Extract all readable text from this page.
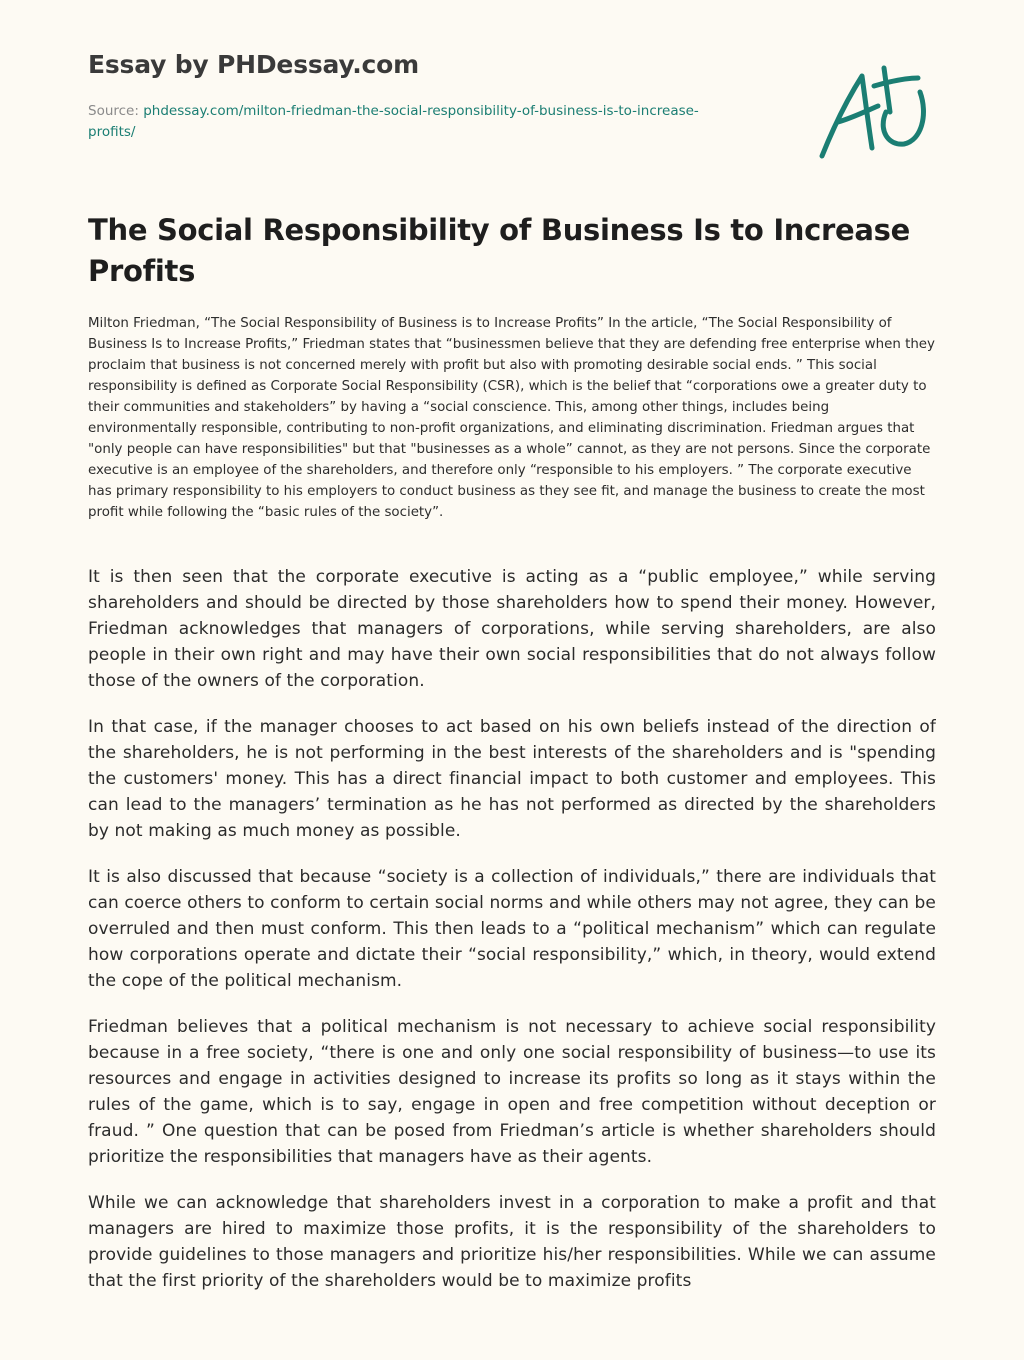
Essay by PHDessay.com
Source: phdessay.com/milton-friedman-the-social-responsibility-of-business-is-to-increase-profits/
The Social Responsibility of Business Is to Increase Profits

Milton Friedman, “The Social Responsibility of Business is to Increase Profits” In the article, “The Social Responsibility of Business Is to Increase Profits,” Friedman states that “businessmen believe that they are defending free enterprise when they proclaim that business is not concerned merely with profit but also with promoting desirable social ends. ” This social responsibility is defined as Corporate Social Responsibility (CSR), which is the belief that “corporations owe a greater duty to their communities and stakeholders” by having a “social conscience. This, among other things, includes being environmentally responsible, contributing to non-profit organizations, and eliminating discrimination. Friedman argues that "only people can have responsibilities" but that "businesses as a whole” cannot, as they are not persons. Since the corporate executive is an employee of the shareholders, and therefore only “responsible to his employers. ” The corporate executive has primary responsibility to his employers to conduct business as they see fit, and manage the business to create the most profit while following the “basic rules of the society”.

It is then seen that the corporate executive is acting as a “public employee,” while serving shareholders and should be directed by those shareholders how to spend their money. However, Friedman acknowledges that managers of corporations, while serving shareholders, are also people in their own right and may have their own social responsibilities that do not always follow those of the owners of the corporation.

In that case, if the manager chooses to act based on his own beliefs instead of the direction of the shareholders, he is not performing in the best interests of the shareholders and is "spending the customers' money. This has a direct financial impact to both customer and employees. This can lead to the managers’ termination as he has not performed as directed by the shareholders by not making as much money as possible.

It is also discussed that because “society is a collection of individuals,” there are individuals that can coerce others to conform to certain social norms and while others may not agree, they can be overruled and then must conform. This then leads to a “political mechanism” which can regulate how corporations operate and dictate their “social responsibility,” which, in theory, would extend the cope of the political mechanism.

Friedman believes that a political mechanism is not necessary to achieve social responsibility because in a free society, “there is one and only one social responsibility of business—to use its resources and engage in activities designed to increase its profits so long as it stays within the rules of the game, which is to say, engage in open and free competition without deception or fraud. ” One question that can be posed from Friedman’s article is whether shareholders should prioritize the responsibilities that managers have as their agents.

While we can acknowledge that shareholders invest in a corporation to make a profit and that managers are hired to maximize those profits, it is the responsibility of the shareholders to provide guidelines to those managers and prioritize his/her responsibilities. While we can assume that the first priority of the shareholders would be to maximize profits
